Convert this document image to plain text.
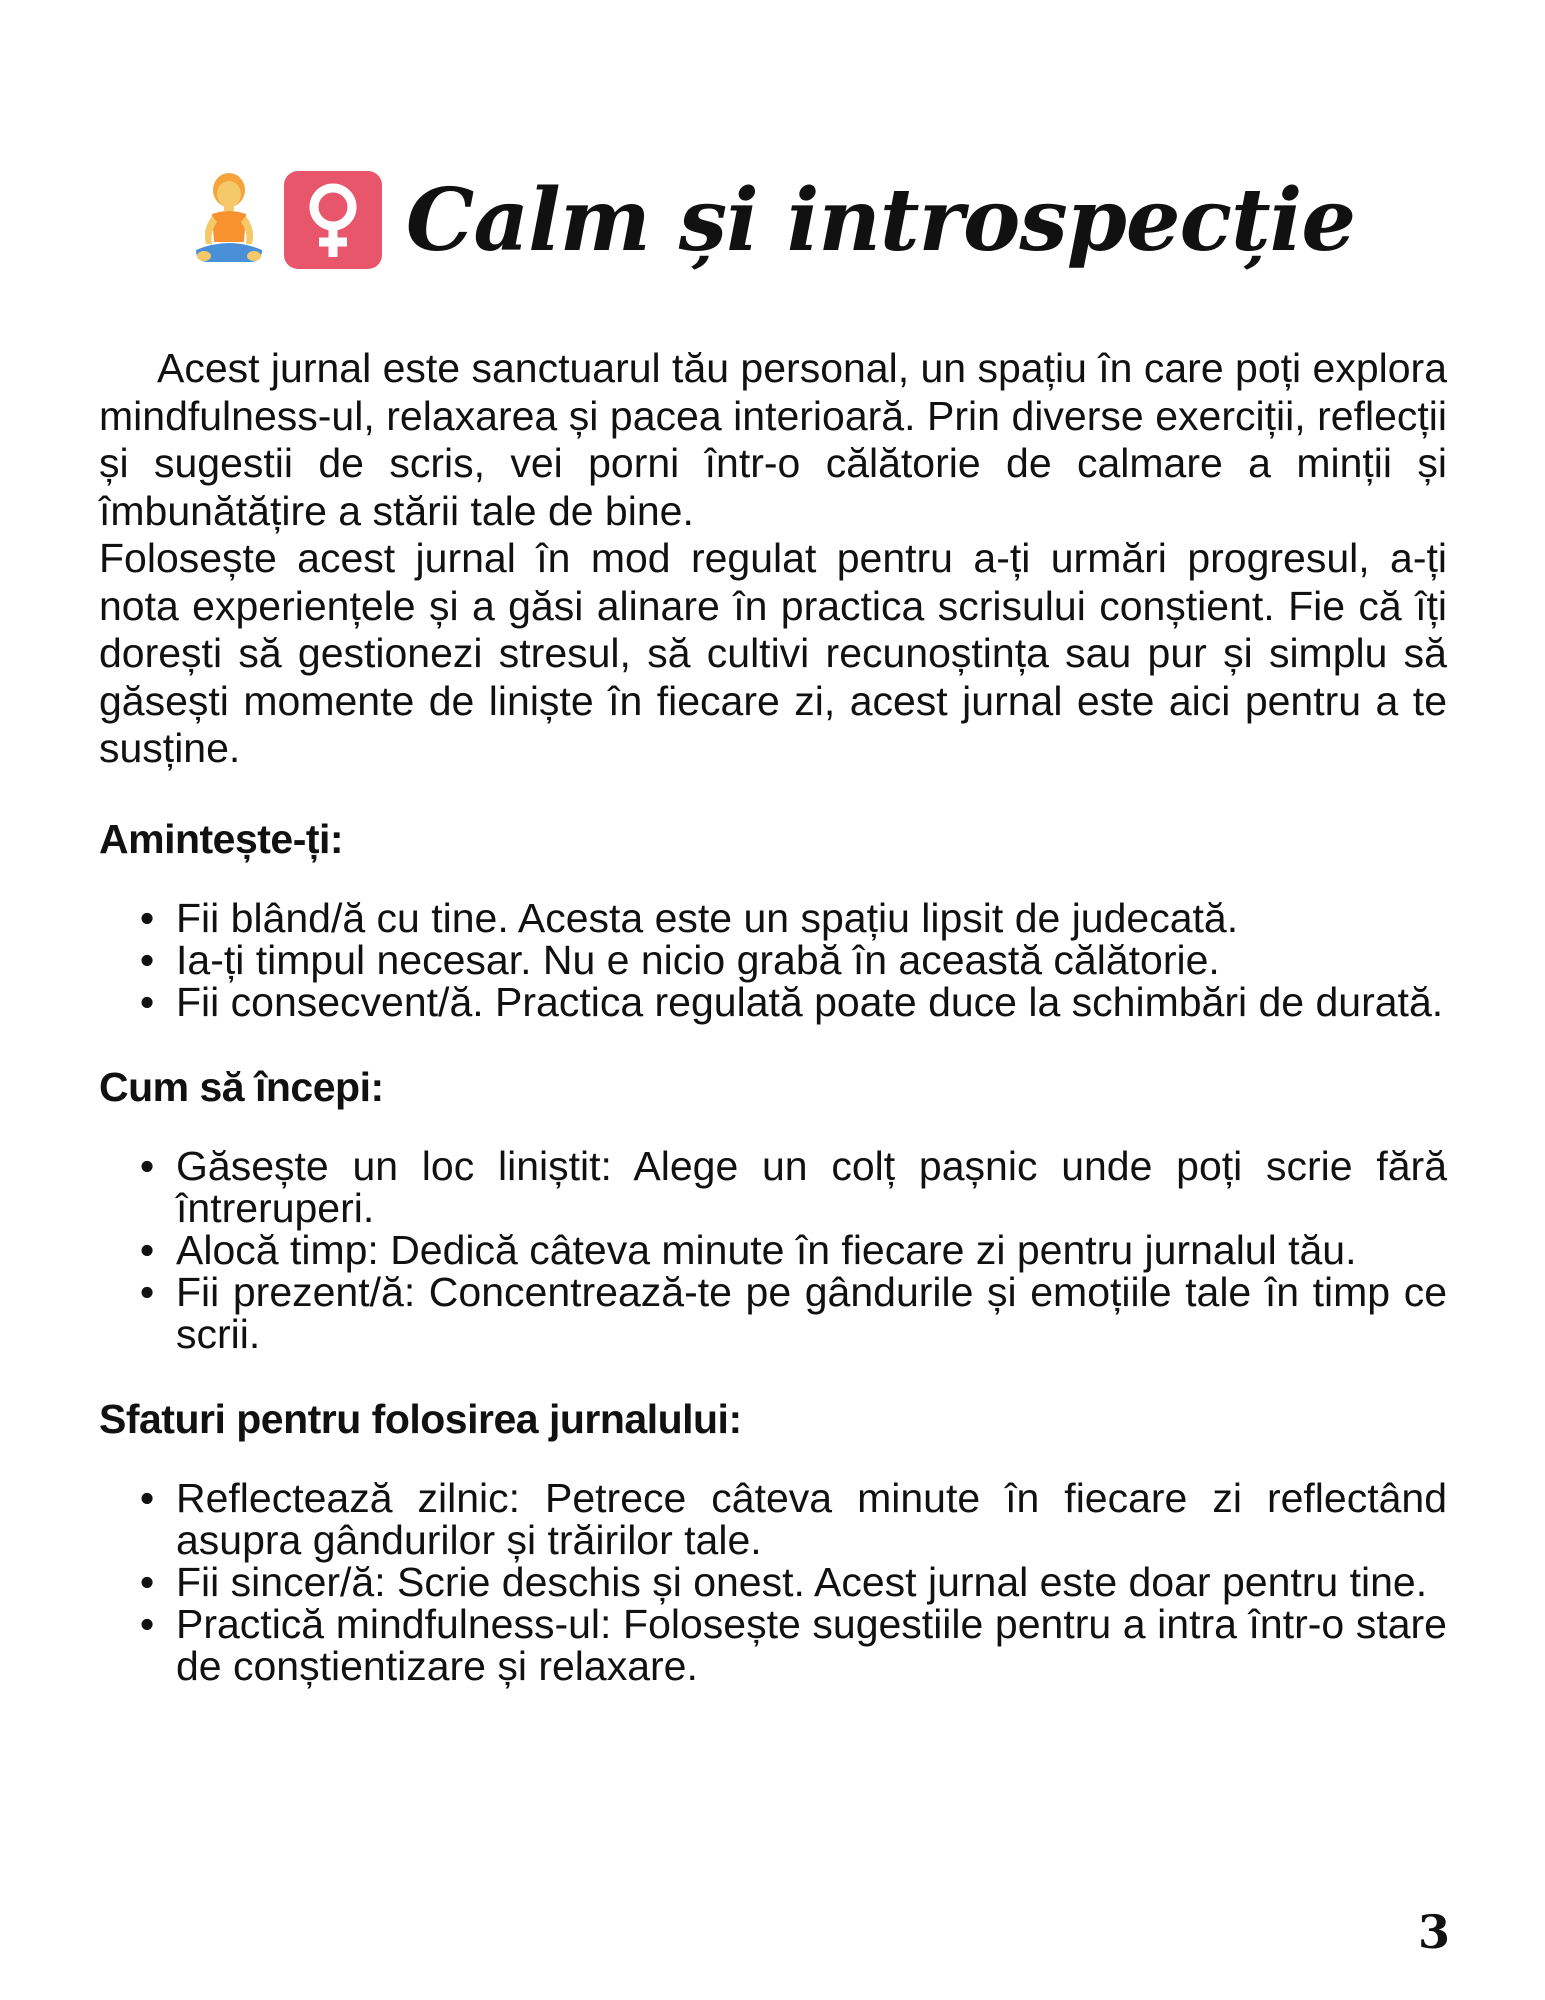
Calm și introspecție

Acest jurnal este sanctuarul tău personal, un spațiu în care poți explora mindfulness-ul, relaxarea și pacea interioară. Prin diverse exerciții, reflecții și sugestii de scris, vei porni într-o călătorie de calmare a minții și îmbunătățire a stării tale de bine.

Folosește acest jurnal în mod regulat pentru a-ți urmări progresul, a-ți nota experiențele și a găsi alinare în practica scrisului conștient. Fie că îți dorești să gestionezi stresul, să cultivi recunoștința sau pur și simplu să găsești momente de liniște în fiecare zi, acest jurnal este aici pentru a te susține.

Amintește-ți:
• Fii blând/ă cu tine. Acesta este un spațiu lipsit de judecată.
• Ia-ți timpul necesar. Nu e nicio grabă în această călătorie.
• Fii consecvent/ă. Practica regulată poate duce la schimbări de durată.
Cum să începi:
• Găsește un loc liniștit: Alege un colț pașnic unde poți scrie fără întreruperi.
• Alocă timp: Dedică câteva minute în fiecare zi pentru jurnalul tău.
• Fii prezent/ă: Concentrează-te pe gândurile și emoțiile tale în timp ce scrii.
Sfaturi pentru folosirea jurnalului:
• Reflectează zilnic: Petrece câteva minute în fiecare zi reflectând asupra gândurilor și trăirilor tale.
• Fii sincer/ă: Scrie deschis și onest. Acest jurnal este doar pentru tine.
• Practică mindfulness-ul: Folosește sugestiile pentru a intra într-o stare de conștientizare și relaxare.
3
